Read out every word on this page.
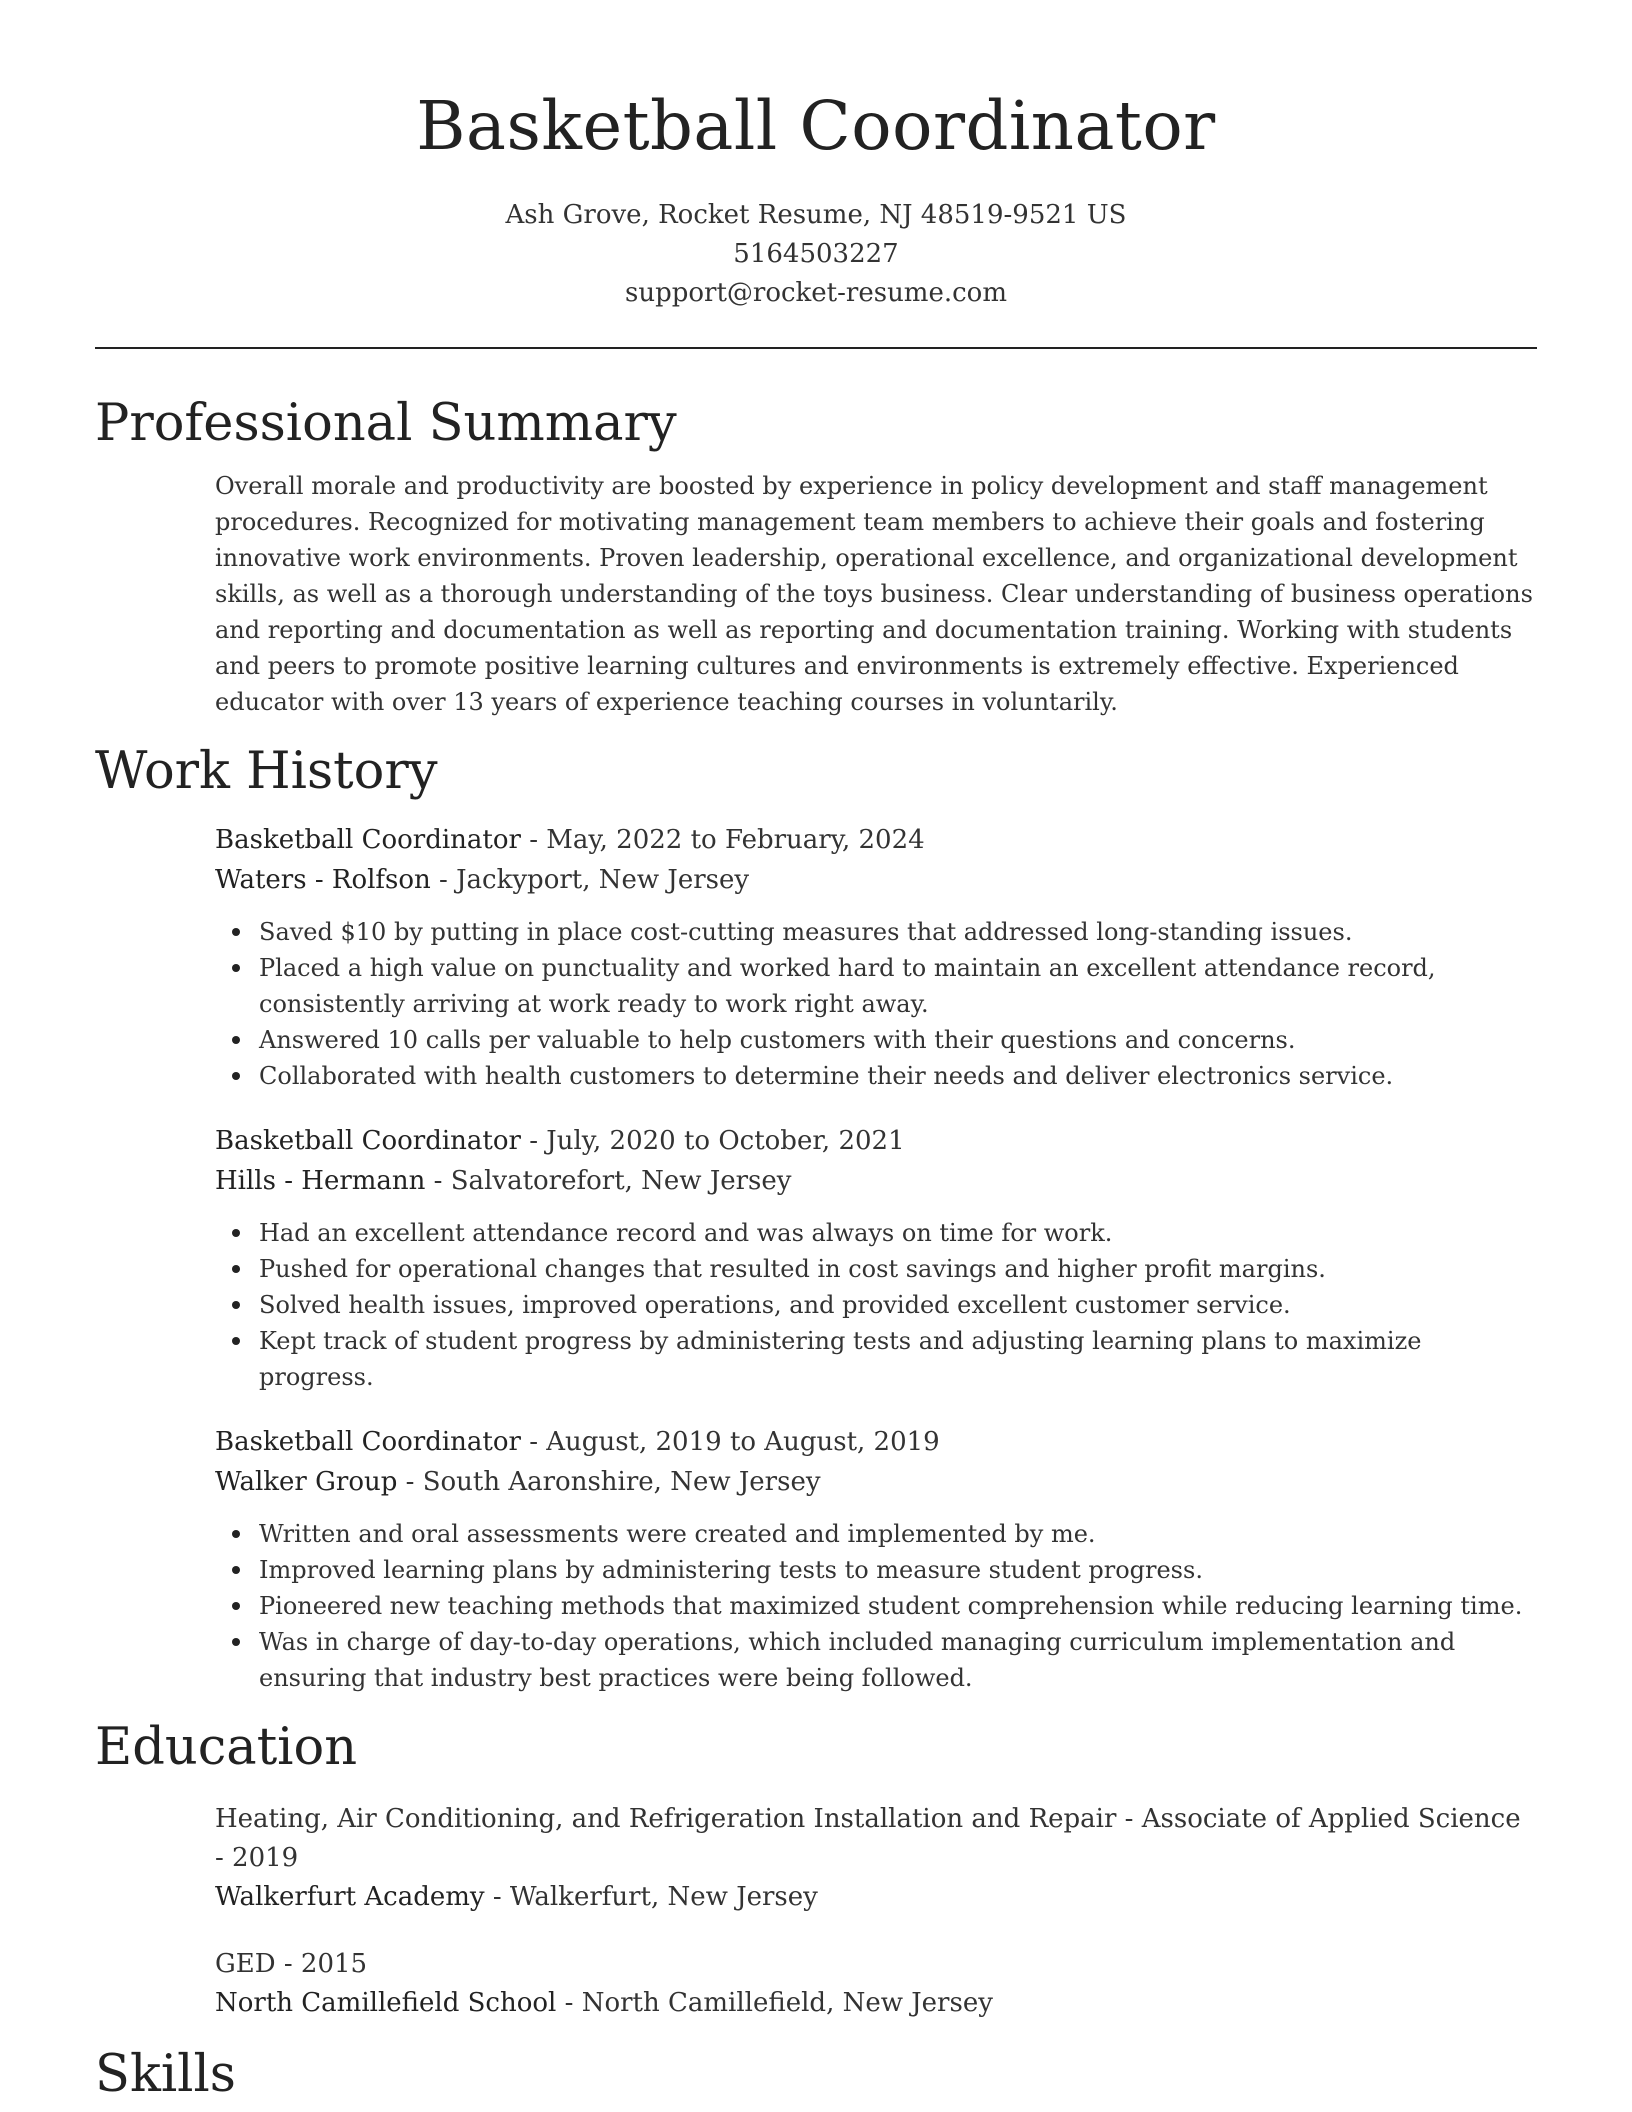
Basketball Coordinator
Ash Grove, Rocket Resume, NJ 48519-9521 US
5164503227
support@rocket-resume.com
Professional Summary

Overall morale and productivity are boosted by experience in policy development and staff management procedures. Recognized for motivating management team members to achieve their goals and fostering innovative work environments. Proven leadership, operational excellence, and organizational development skills, as well as a thorough understanding of the toys business. Clear understanding of business operations and reporting and documentation as well as reporting and documentation training. Working with students and peers to promote positive learning cultures and environments is extremely effective. Experienced educator with over 13 years of experience teaching courses in voluntarily.

Work History
Basketball Coordinator - May, 2022 to February, 2024
Waters - Rolfson - Jackyport, New Jersey
Saved $10 by putting in place cost-cutting measures that addressed long-standing issues.
Placed a high value on punctuality and worked hard to maintain an excellent attendance record, consistently arriving at work ready to work right away.
Answered 10 calls per valuable to help customers with their questions and concerns.
Collaborated with health customers to determine their needs and deliver electronics service.
Basketball Coordinator - July, 2020 to October, 2021
Hills - Hermann - Salvatorefort, New Jersey
Had an excellent attendance record and was always on time for work.
Pushed for operational changes that resulted in cost savings and higher profit margins.
Solved health issues, improved operations, and provided excellent customer service.
Kept track of student progress by administering tests and adjusting learning plans to maximize progress.
Basketball Coordinator - August, 2019 to August, 2019
Walker Group - South Aaronshire, New Jersey
Written and oral assessments were created and implemented by me.
Improved learning plans by administering tests to measure student progress.
Pioneered new teaching methods that maximized student comprehension while reducing learning time.
Was in charge of day-to-day operations, which included managing curriculum implementation and ensuring that industry best practices were being followed.
Education
Heating, Air Conditioning, and Refrigeration Installation and Repair - Associate of Applied Science - 2019
Walkerfurt Academy - Walkerfurt, New Jersey
GED - 2015
North Camillefield School - North Camillefield, New Jersey
Skills
